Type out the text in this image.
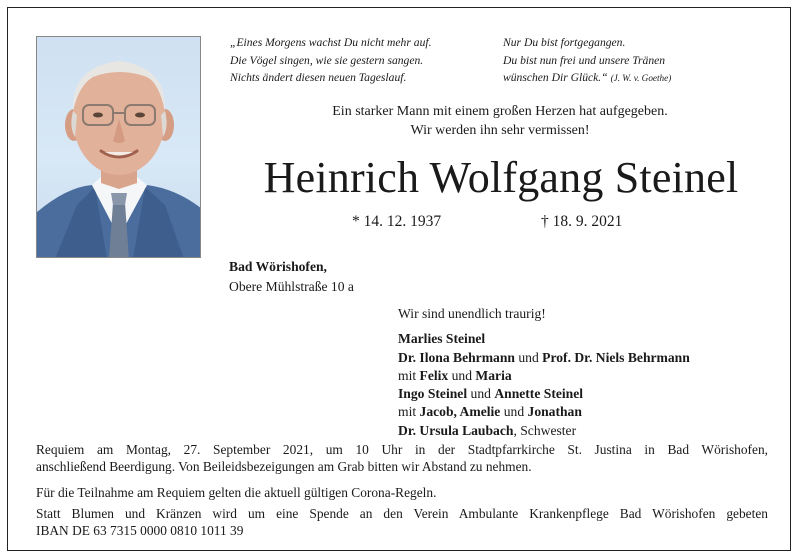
„Eines Morgens wachst Du nicht mehr auf.
Die Vögel singen, wie sie gestern sangen.
Nichts ändert diesen neuen Tageslauf.
Nur Du bist fortgegangen.
Du bist nun frei und unsere Tränen
wünschen Dir Glück.“ (J. W. v. Goethe)
Ein starker Mann mit einem großen Herzen hat aufgegeben.
Wir werden ihn sehr vermissen!
Heinrich Wolfgang Steinel
* 14. 12. 1937	† 18. 9. 2021
Bad Wörishofen,
Obere Mühlstraße 10 a
Wir sind unendlich traurig!
Marlies Steinel
Dr. Ilona Behrmann und Prof. Dr. Niels Behrmann
mit Felix und Maria
Ingo Steinel und Annette Steinel
mit Jacob, Amelie und Jonathan
Dr. Ursula Laubach, Schwester
Requiem am Montag, 27. September 2021, um 10 Uhr in der Stadtpfarrkirche St. Justina in Bad Wörishofen,
anschließend Beerdigung. Von Beileidsbezeigungen am Grab bitten wir Abstand zu nehmen.
Für die Teilnahme am Requiem gelten die aktuell gültigen Corona-Regeln.
Statt Blumen und Kränzen wird um eine Spende an den Verein Ambulante Krankenpflege Bad Wörishofen gebeten
IBAN DE 63 7315 0000 0810 1011 39
